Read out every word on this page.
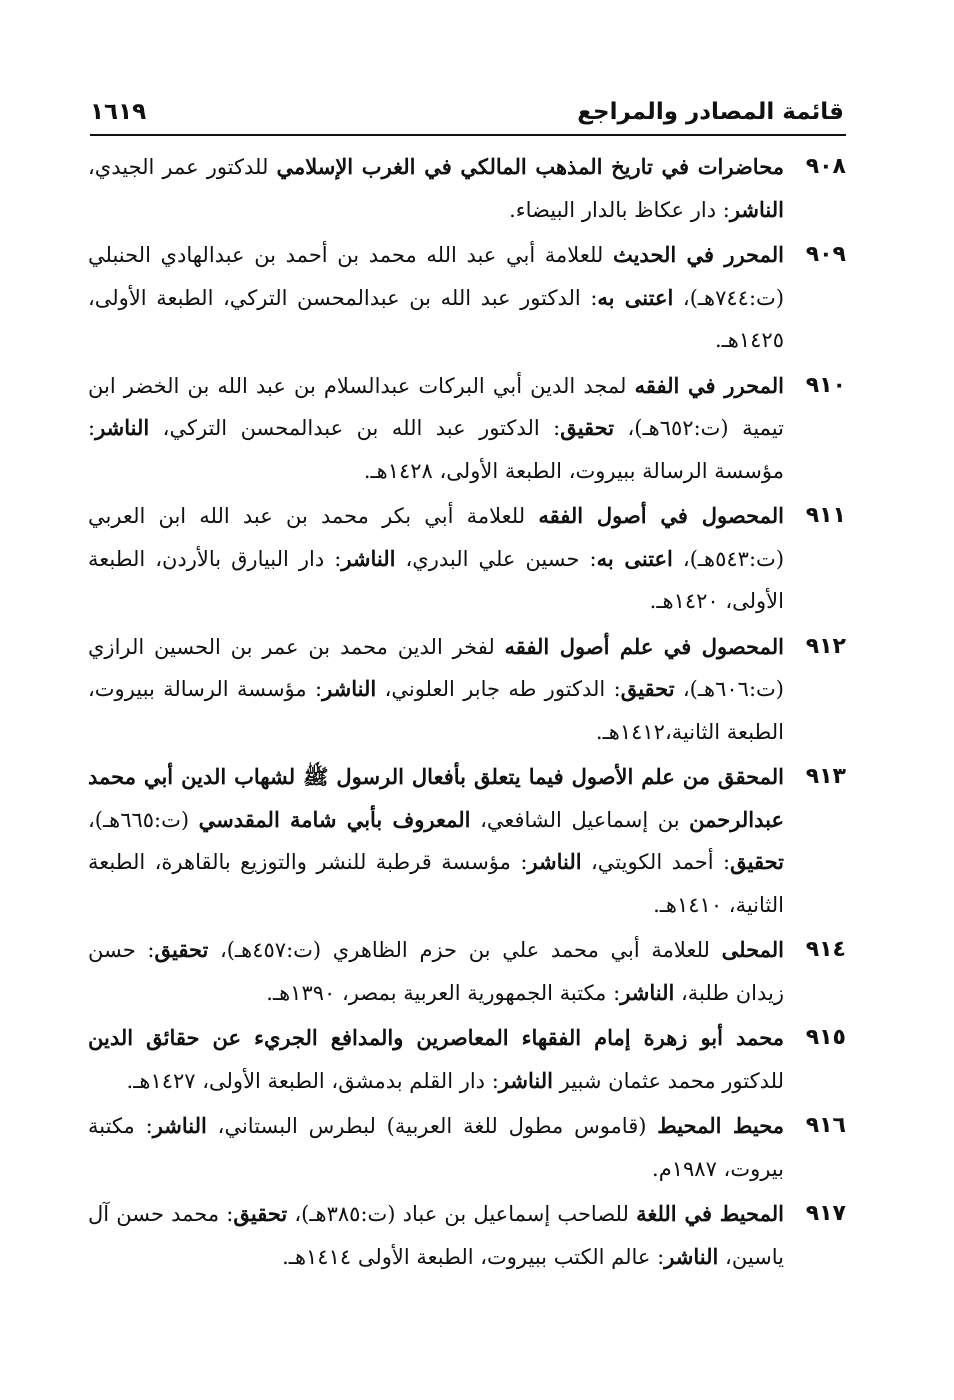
١٦١٩	قائمة المصادر والمراجع
٩٠٨
محاضرات في تاريخ المذهب المالكي في الغرب الإسلامي للدكتور عمر الجيدي، الناشر: دار عكاظ بالدار البيضاء.
٩٠٩
المحرر في الحديث للعلامة أبي عبد الله محمد بن أحمد بن عبدالهادي الحنبلي (ت:٧٤٤هـ)، اعتنى به: الدكتور عبد الله بن عبدالمحسن التركي، الطبعة الأولى، ١٤٢٥هـ.
٩١٠
المحرر في الفقه لمجد الدين أبي البركات عبدالسلام بن عبد الله بن الخضر ابن تيمية (ت:٦٥٢هـ)، تحقيق: الدكتور عبد الله بن عبدالمحسن التركي، الناشر: مؤسسة الرسالة ببيروت، الطبعة الأولى، ١٤٢٨هـ.
٩١١
المحصول في أصول الفقه للعلامة أبي بكر محمد بن عبد الله ابن العربي (ت:٥٤٣هـ)، اعتنى به: حسين علي البدري، الناشر: دار البيارق بالأردن، الطبعة الأولى، ١٤٢٠هـ.
٩١٢
المحصول في علم أصول الفقه لفخر الدين محمد بن عمر بن الحسين الرازي (ت:٦٠٦هـ)، تحقيق: الدكتور طه جابر العلوني، الناشر: مؤسسة الرسالة ببيروت، الطبعة الثانية،١٤١٢هـ.
٩١٣
المحقق من علم الأصول فيما يتعلق بأفعال الرسول ﷺ لشهاب الدين أبي محمد عبدالرحمن بن إسماعيل الشافعي، المعروف بأبي شامة المقدسي (ت:٦٦٥هـ)، تحقيق: أحمد الكويتي، الناشر: مؤسسة قرطبة للنشر والتوزيع بالقاهرة، الطبعة الثانية، ١٤١٠هـ.
٩١٤
المحلى للعلامة أبي محمد علي بن حزم الظاهري (ت:٤٥٧هـ)، تحقيق: حسن زيدان طلبة، الناشر: مكتبة الجمهورية العربية بمصر، ١٣٩٠هـ.
٩١٥
محمد أبو زهرة إمام الفقهاء المعاصرين والمدافع الجريء عن حقائق الدين للدكتور محمد عثمان شبير الناشر: دار القلم بدمشق، الطبعة الأولى، ١٤٢٧هـ.
٩١٦
محيط المحيط (قاموس مطول للغة العربية) لبطرس البستاني، الناشر: مكتبة بيروت، ١٩٨٧م.
٩١٧
المحيط في اللغة للصاحب إسماعيل بن عباد (ت:٣٨٥هـ)، تحقيق: محمد حسن آل ياسين، الناشر: عالم الكتب ببيروت، الطبعة الأولى ١٤١٤هـ.
